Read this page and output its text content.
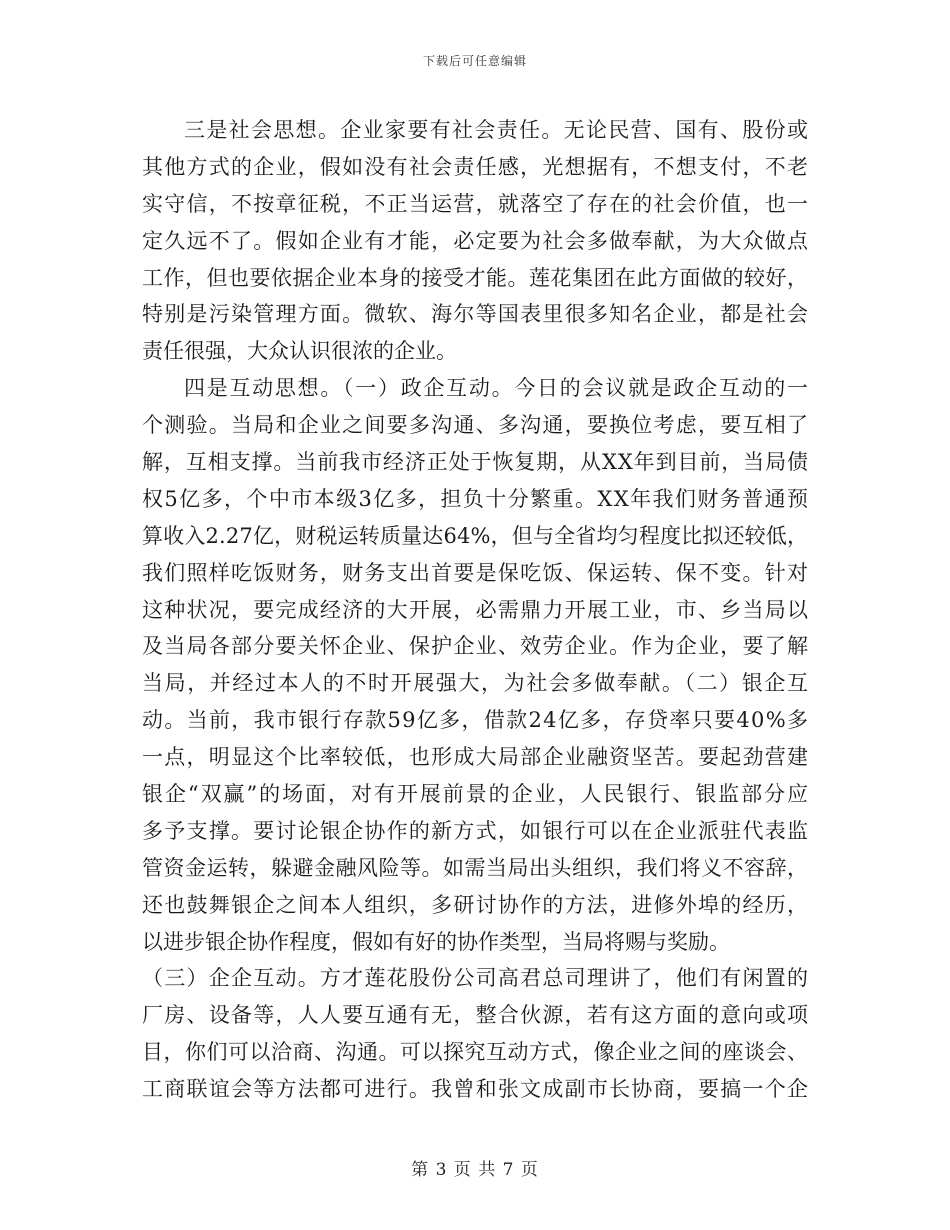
下载后可任意编辑
三是社会思想。企业家要有社会责任。无论民营、国有、股份或
其他方式的企业，假如没有社会责任感，光想据有，不想支付，不老
实守信，不按章征税，不正当运营，就落空了存在的社会价值，也一
定久远不了。假如企业有才能，必定要为社会多做奉献，为大众做点
工作，但也要依据企业本身的接受才能。莲花集团在此方面做的较好，
特别是污染管理方面。微软、海尔等国表里很多知名企业，都是社会
责任很强，大众认识很浓的企业。
四是互动思想。（一）政企互动。今日的会议就是政企互动的一
个测验。当局和企业之间要多沟通、多沟通，要换位考虑，要互相了
解，互相支撑。当前我市经济正处于恢复期，从XX年到目前，当局债
权5亿多，个中市本级3亿多，担负十分繁重。XX年我们财务普通预
算收入2.27亿，财税运转质量达64%，但与全省均匀程度比拟还较低，
我们照样吃饭财务，财务支出首要是保吃饭、保运转、保不变。针对
这种状况，要完成经济的大开展，必需鼎力开展工业，市、乡当局以
及当局各部分要关怀企业、保护企业、效劳企业。作为企业，要了解
当局，并经过本人的不时开展强大，为社会多做奉献。（二）银企互
动。当前，我市银行存款59亿多，借款24亿多，存贷率只要40%多
一点，明显这个比率较低，也形成大局部企业融资坚苦。要起劲营建
银企“双赢”的场面，对有开展前景的企业，人民银行、银监部分应
多予支撑。要讨论银企协作的新方式，如银行可以在企业派驻代表监
管资金运转，躲避金融风险等。如需当局出头组织，我们将义不容辞，
还也鼓舞银企之间本人组织，多研讨协作的方法，进修外埠的经历，
以进步银企协作程度，假如有好的协作类型，当局将赐与奖励。
（三）企企互动。方才莲花股份公司高君总司理讲了，他们有闲置的
厂房、设备等，人人要互通有无，整合伙源，若有这方面的意向或项
目，你们可以洽商、沟通。可以探究互动方式，像企业之间的座谈会、
工商联谊会等方法都可进行。我曾和张文成副市长协商，要搞一个企
第 3 页 共 7 页
